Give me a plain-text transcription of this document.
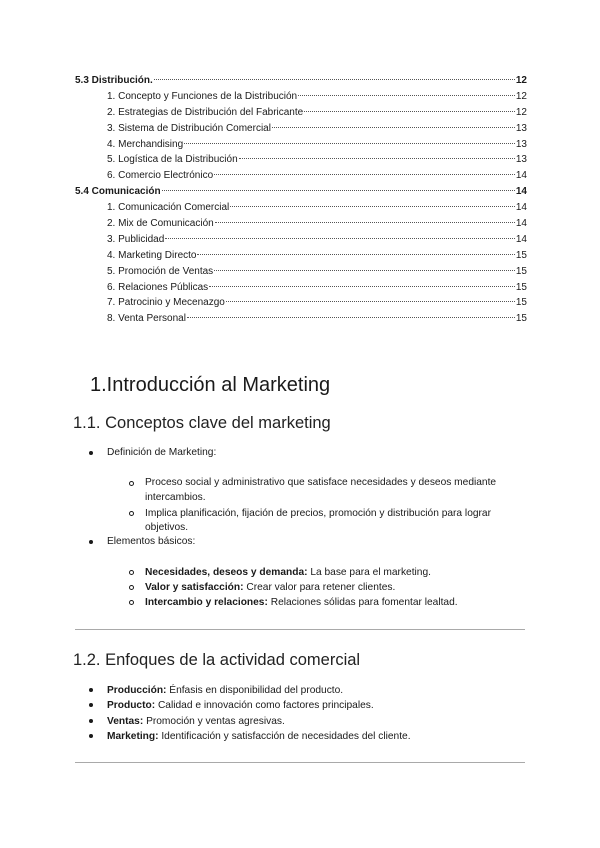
5.3 Distribución.	12
1. Concepto y Funciones de la Distribución	12
2. Estrategias de Distribución del Fabricante	12
3. Sistema de Distribución Comercial	13
4. Merchandising	13
5. Logística de la Distribución	13
6. Comercio Electrónico	14
5.4 Comunicación	14
1. Comunicación Comercial	14
2. Mix de Comunicación	14
3. Publicidad	14
4. Marketing Directo	15
5. Promoción de Ventas	15
6. Relaciones Públicas	15
7. Patrocinio y Mecenazgo	15
8. Venta Personal	15
1.Introducción al Marketing
1.1. Conceptos clave del marketing
Definición de Marketing:
Proceso social y administrativo que satisface necesidades y deseos mediante intercambios.
Implica planificación, fijación de precios, promoción y distribución para lograr objetivos.
Elementos básicos:
Necesidades, deseos y demanda: La base para el marketing.
Valor y satisfacción: Crear valor para retener clientes.
Intercambio y relaciones: Relaciones sólidas para fomentar lealtad.
1.2. Enfoques de la actividad comercial
Producción: Énfasis en disponibilidad del producto.
Producto: Calidad e innovación como factores principales.
Ventas: Promoción y ventas agresivas.
Marketing: Identificación y satisfacción de necesidades del cliente.
